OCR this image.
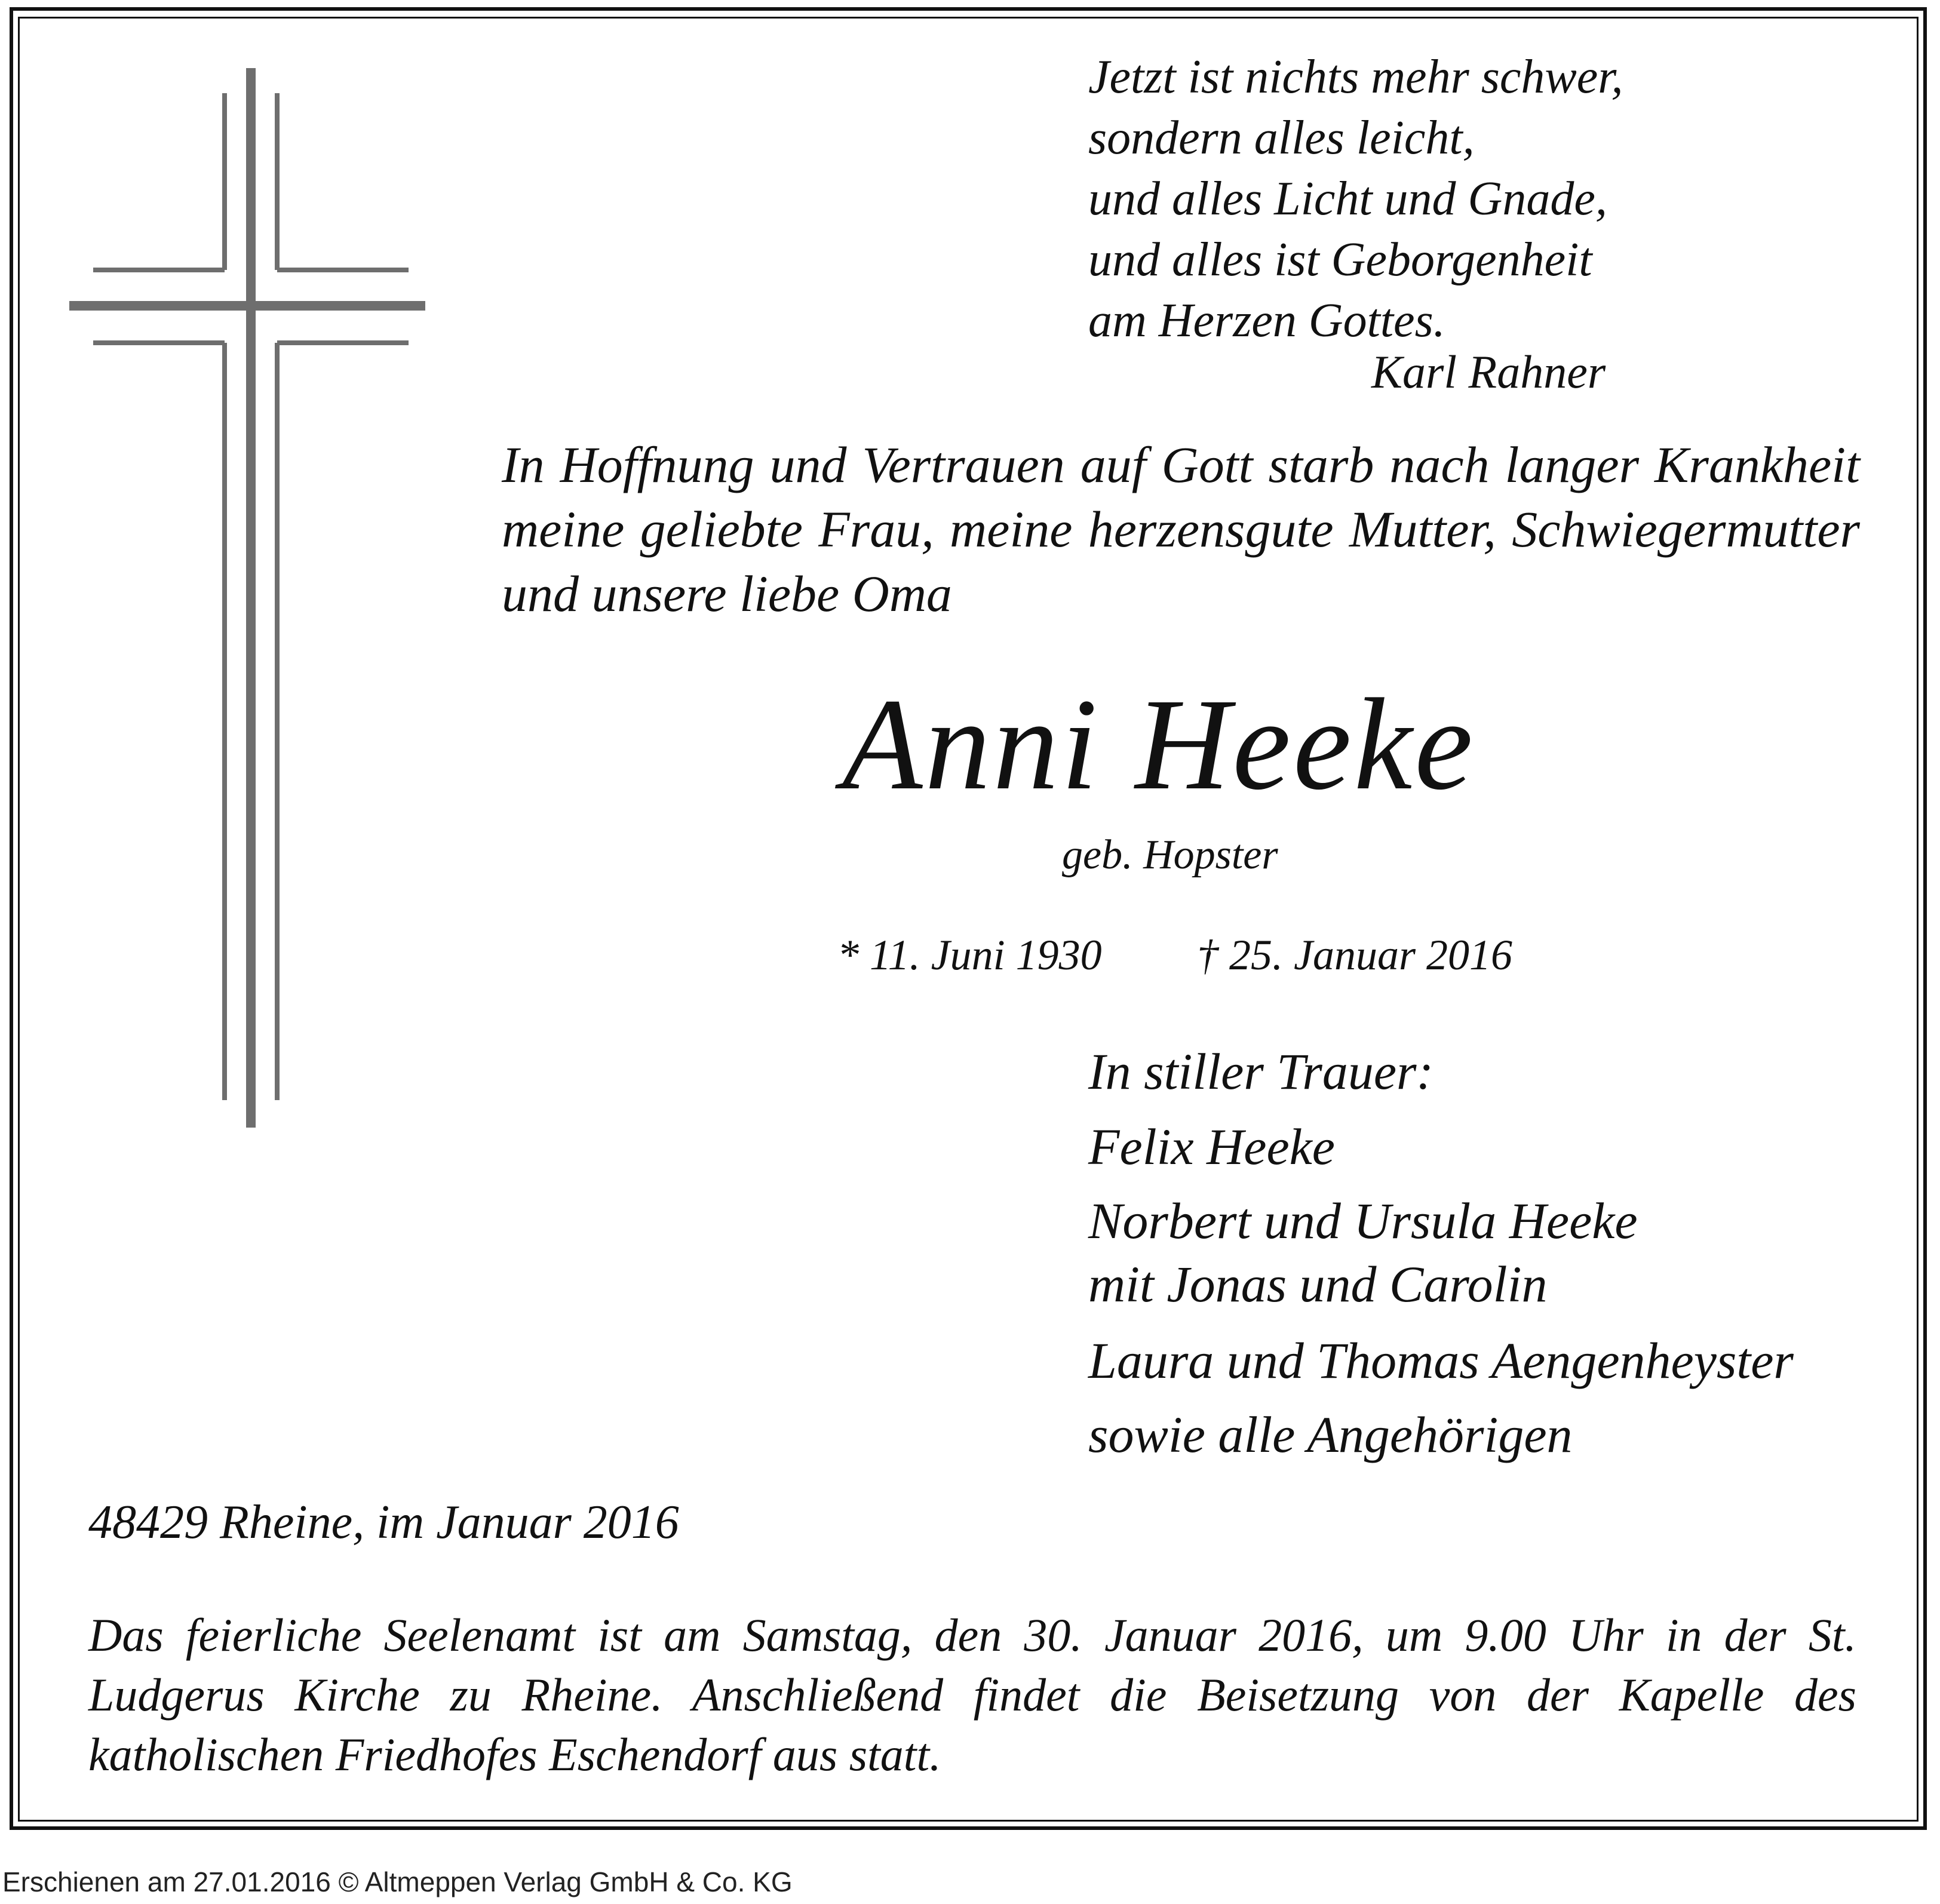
Jetzt ist nichts mehr schwer,
sondern alles leicht,
und alles Licht und Gnade,
und alles ist Geborgenheit
am Herzen Gottes.

Karl Rahner

In Hoffnung und Vertrauen auf Gott starb nach langer Krankheit meine geliebte Frau, meine herzensgute Mutter, Schwiegermutter und unsere liebe Oma

Anni Heeke

geb. Hopster

* 11. Juni 1930 † 25. Januar 2016

In stiller Trauer:

Felix Heeke

Norbert und Ursula Heeke

mit Jonas und Carolin

Laura und Thomas Aengenheyster

sowie alle Angehörigen

48429 Rheine, im Januar 2016

Das feierliche Seelenamt ist am Samstag, den 30. Januar 2016, um 9.00 Uhr in der St. Ludgerus Kirche zu Rheine. Anschließend findet die Beisetzung von der Kapelle des katholischen Friedhofes Eschendorf aus statt.

Erschienen am 27.01.2016 © Altmeppen Verlag GmbH & Co. KG
